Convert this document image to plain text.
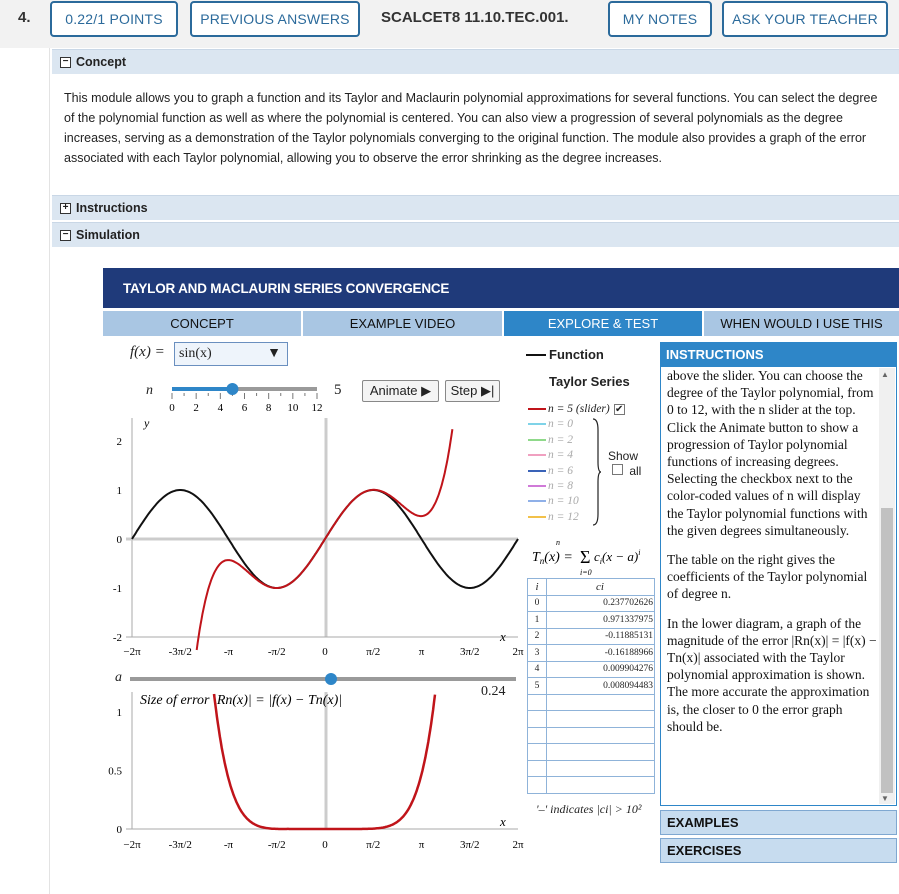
4.	0.22/1 POINTS	PREVIOUS ANSWERS	SCALCET8 11.10.TEC.001.	MY NOTES	ASK YOUR TEACHER
− Concept
This module allows you to graph a function and its Taylor and Maclaurin polynomial approximations for several functions. You can select the degree of the polynomial function as well as where the polynomial is centered. You can also view a progression of several polynomials as the degree increases, serving as a demonstration of the Taylor polynomials converging to the original function. The module also provides a graph of the error associated with each Taylor polynomial, allowing you to observe the error shrinking as the degree increases.
+ Instructions
− Simulation
TAYLOR AND MACLAURIN SERIES CONVERGENCE
CONCEPT	EXAMPLE VIDEO	EXPLORE & TEST	WHEN WOULD I USE THIS
f(x) = sin(x)	▼
n
0 2 4 6 8 10 12
5	Animate ▶	Step ▶|
y
x
2
1
0
-1
-2
−2π	-3π/2	-π	-π/2	0	π/2	π	3π/2	2π
a
0.24
Size of error |Rn(x)| = |f(x) − Tn(x)|
x
1
0.5
0
−2π	-3π/2	-π	-π/2	0	π/2	π	3π/2	2π
Function
Taylor Series
n = 5 (slider) ✔
n = 0
n = 2
n = 4
n = 6
n = 8
n = 10
n = 12
Show
all
n
$T_n(x) = \Sigma$
i=0
$c_i(x - a)^i$
i	ci
0	0.237702626
1	0.971337975
2	-0.11885131
3	-0.16188966
4	0.009904276
5	0.008094483

'–' indicates |ci| > 10²
INSTRUCTIONS

above the slider. You can choose the degree of the Taylor polynomial, from 0 to 12, with the n slider at the top. Click the Animate button to show a progression of Taylor polynomial functions of increasing degrees. Selecting the checkbox next to the color-coded values of n will display the Taylor polynomial functions with the given degrees simultaneously.

The table on the right gives the coefficients of the Taylor polynomial of degree n.

In the lower diagram, a graph of the magnitude of the error |Rn(x)| = |f(x) − Tn(x)| associated with the Taylor polynomial approximation is shown. The more accurate the approximation is, the closer to 0 the error graph should be.

▲
▼
EXAMPLES
EXERCISES
